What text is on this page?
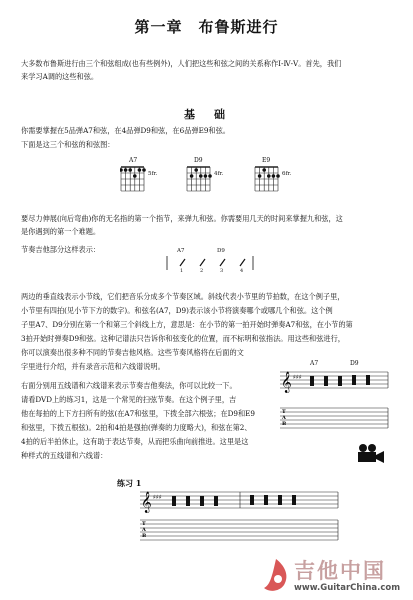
第一章　布鲁斯进行

大多数布鲁斯进行由三个和弦组成(也有些例外)，人们把这些和弦之间的关系称作Ⅰ-Ⅳ-Ⅴ。首先，我们

来学习A调的这些和弦。

基　础

你需要掌握在5品弹A7和弦，在4品弹D9和弦，在6品弹E9和弦。

下面是这三个和弦的和弦图：

A7
5fr.
D9
4fr.
E9
6fr.

要尽力伸展(向后弯曲)你的无名指的第一个指节，来弹九和弦。你需要用几天的时间来掌握九和弦，这

是你遇到的第一个难题。

节奏吉他部分这样表示：	A7	D9
1	2	3	4

两边的垂直线表示小节线，它们把音乐分成多个节奏区域。斜线代表小节里的节拍数，在这个例子里，

小节里有四拍(见小节下方的数字)。和弦名(A7，D9)表示该小节将演奏哪个或哪几个和弦。这个例

子里A7、D9分别在第一个和第三个斜线上方，意思是：在小节的第一拍开始时弹奏A7和弦，在小节的第

3拍开始时弹奏D9和弦。这种记谱法只告诉你和弦变化的位置，而不标明和弦指法。用这些和弦进行，

你可以演奏出很多种不同的节奏吉他风格。这些节奏风格将在后面的文

字里进行介绍，并有录音示范和六线谱说明。

右面分别用五线谱和六线谱来表示节奏吉他奏法，你可以比较一下。

请看DVD上的练习1，这是一个常见的扫弦节奏。在这个例子里，吉

他在每拍的上下方扫所有的弦(在A7和弦里，下拨全部六根弦；在D9和E9

和弦里，下拨五根弦)。2拍和4拍是强拍(弹奏的力度略大)，和弦在第2、

4拍的后半拍休止，这有助于表达节奏，从而把乐曲向前推进。这里是这

种样式的五线谱和六线谱：

A7	D9
𝄞 ♯♯♯
T
A
B
练习 1
𝄞 ♯♯♯
T
A
B
吉他中国
www.GuitarChina.com
